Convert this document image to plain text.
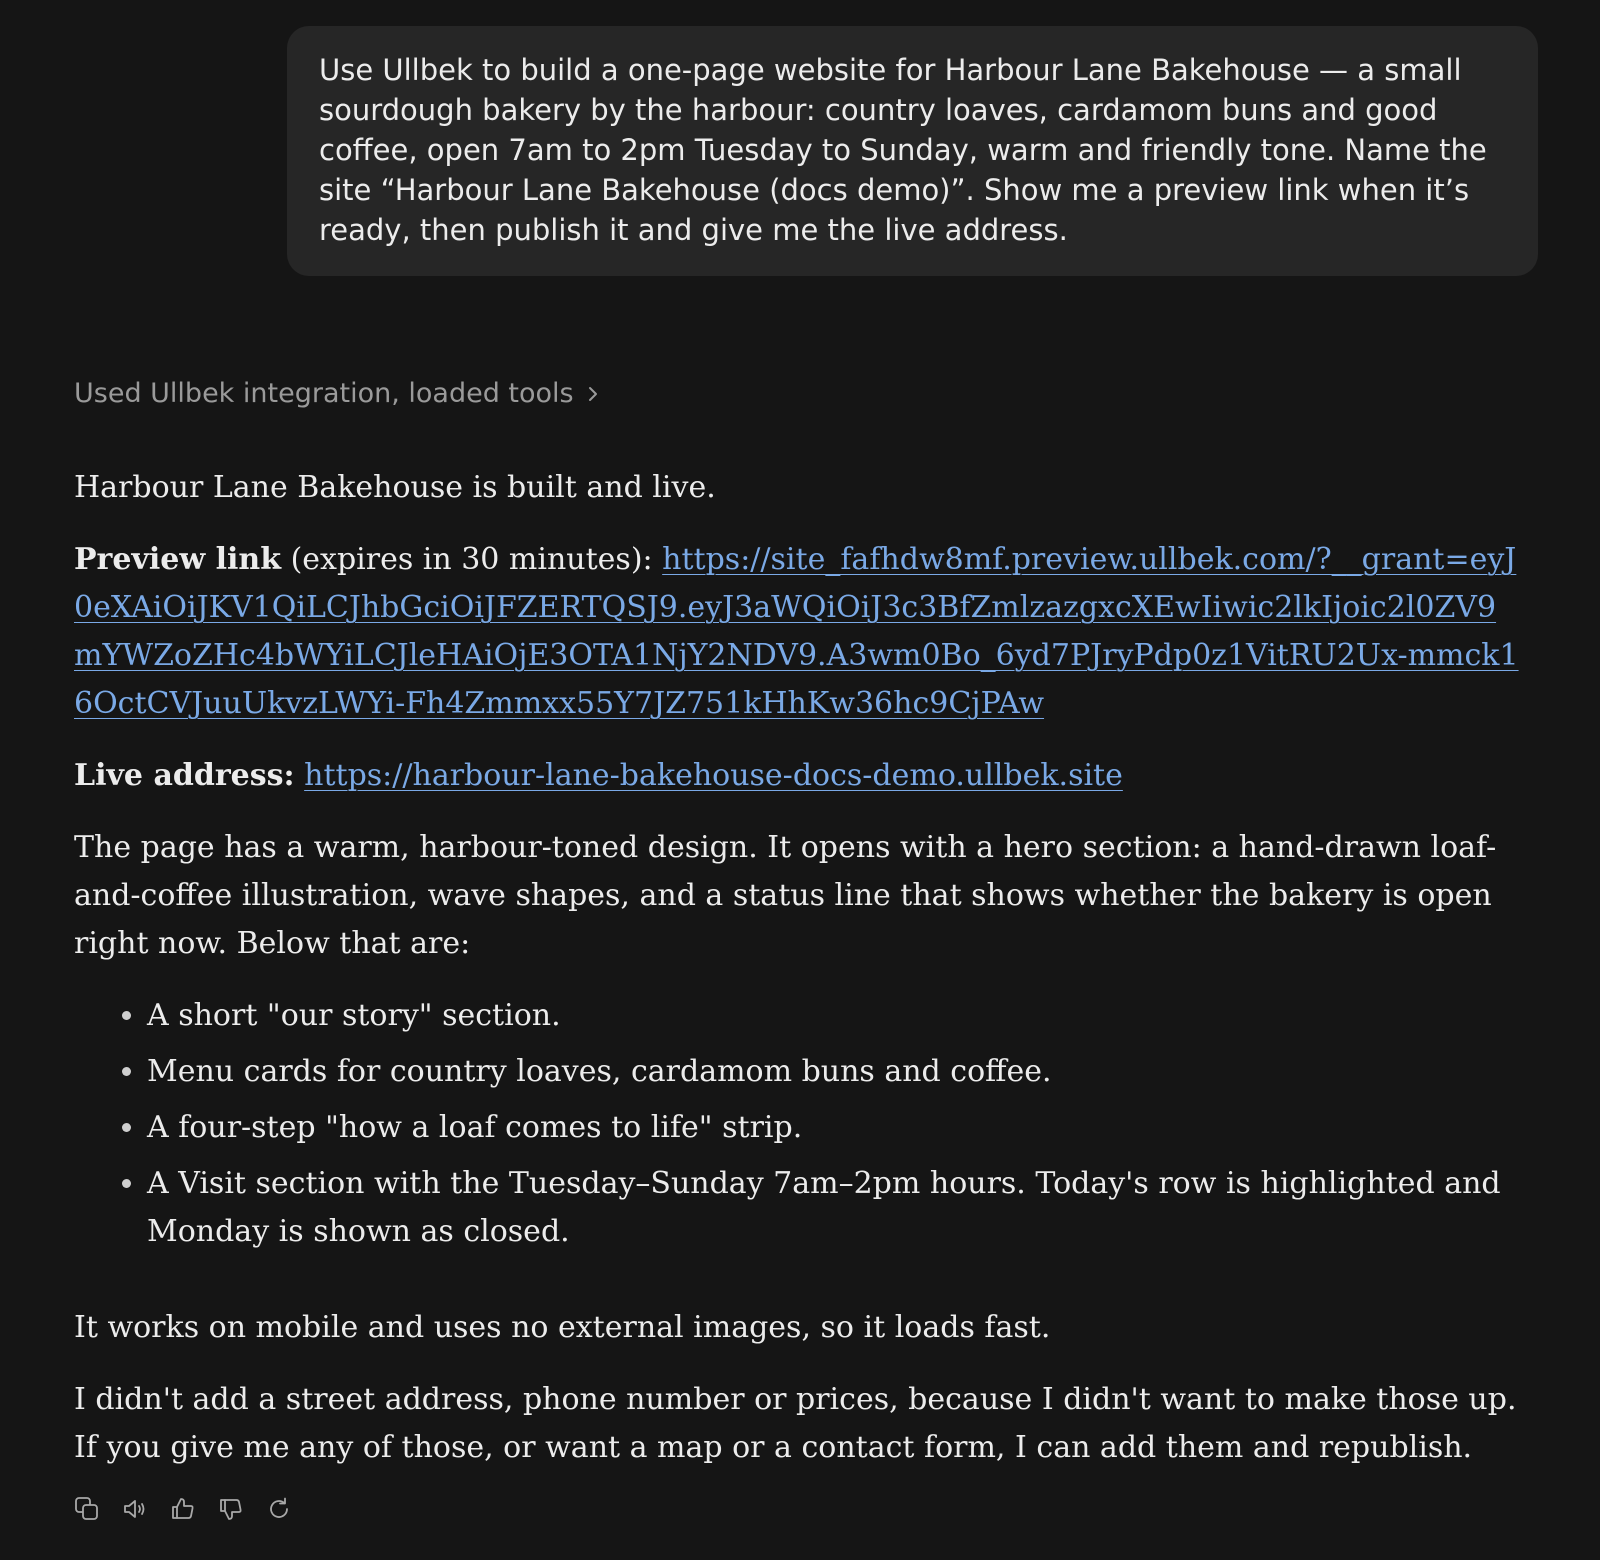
Use Ullbek to build a one-page website for Harbour Lane Bakehouse — a small sourdough bakery by the harbour: country loaves, cardamom buns and good coffee, open 7am to 2pm Tuesday to Sunday, warm and friendly tone. Name the site “Harbour Lane Bakehouse (docs demo)”. Show me a preview link when it’s ready, then publish it and give me the live address.
Used Ullbek integration, loaded tools

Harbour Lane Bakehouse is built and live.

Preview link (expires in 30 minutes): https://site_fafhdw8mf.preview.ullbek.com/?__grant=eyJ0eXAiOiJKV1QiLCJhbGciOiJFZERTQSJ9.eyJ3aWQiOiJ3c3BfZmlzazgxcXEwIiwic2lkIjoic2l0ZV9mYWZoZHc4bWYiLCJleHAiOjE3OTA1NjY2NDV9.A3wm0Bo_6yd7PJryPdp0z1VitRU2Ux-mmck16OctCVJuuUkvzLWYi-Fh4Zmmxx55Y7JZ751kHhKw36hc9CjPAw

Live address: https://harbour-lane-bakehouse-docs-demo.ullbek.site

The page has a warm, harbour-toned design. It opens with a hero section: a hand-drawn loaf-and-coffee illustration, wave shapes, and a status line that shows whether the bakery is open right now. Below that are:

• A short "our story" section.
• Menu cards for country loaves, cardamom buns and coffee.
• A four-step "how a loaf comes to life" strip.
• A Visit section with the Tuesday–Sunday 7am–2pm hours. Today's row is highlighted and Monday is shown as closed.

It works on mobile and uses no external images, so it loads fast.

I didn't add a street address, phone number or prices, because I didn't want to make those up. If you give me any of those, or want a map or a contact form, I can add them and republish.
